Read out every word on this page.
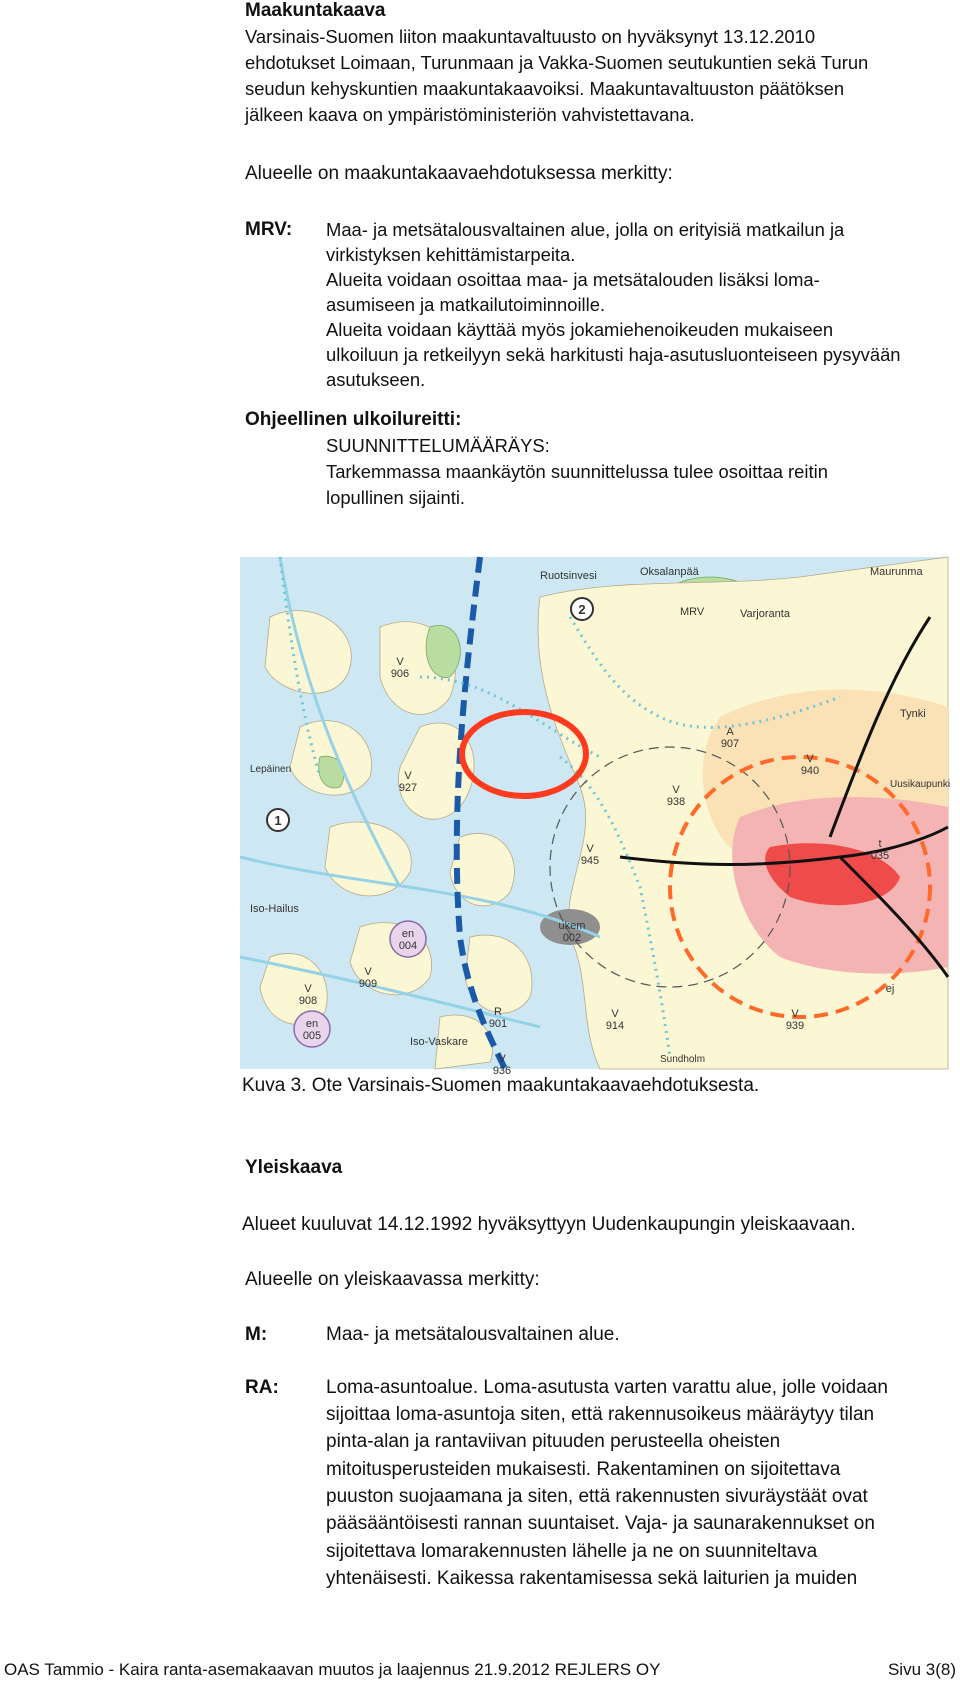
Maakuntakaava
Varsinais-Suomen liiton maakuntavaltuusto on hyväksynyt 13.12.2010
ehdotukset Loimaan, Turunmaan ja Vakka-Suomen seutukuntien sekä Turun
seudun kehyskuntien maakuntakaavoiksi. Maakuntavaltuuston päätöksen
jälkeen kaava on ympäristöministeriön vahvistettavana.
Alueelle on maakuntakaavaehdotuksessa merkitty:
MRV: Maa- ja metsätalousvaltainen alue, jolla on erityisiä matkailun ja
virkistyksen kehittämistarpeita.
Alueita voidaan osoittaa maa- ja metsätalouden lisäksi loma-
asumiseen ja matkailutoiminnoille.
Alueita voidaan käyttää myös jokamiehenoikeuden mukaiseen
ulkoiluun ja retkeilyyn sekä harkitusti haja-asutusluonteiseen pysyvään
asutukseen.
Ohjeellinen ulkoilureitti:
SUUNNITTELUMÄÄRÄYS:
Tarkemmassa maankäytön suunnittelussa tulee osoittaa reitin
lopullinen sijainti.
1
2
Ruotsinvesi	Oksalanpää	Maurunma
Varjoranta
MRV
Tynki
Uusikaupunki
Iso-Hailus
Iso-Vaskare
Lepäinen
Sundholm
V 906
V 927
V 945
V 938
V 940
V 909
V 908
V 914
V 939
V 936
A 907
ej
t 035
en 004
en 005
ukem 002
R 901
Kuva 3. Ote Varsinais-Suomen maakuntakaavaehdotuksesta.
Yleiskaava
Alueet kuuluvat 14.12.1992 hyväksyttyyn Uudenkaupungin yleiskaavaan.
Alueelle on yleiskaavassa merkitty:
M:	Maa- ja metsätalousvaltainen alue.
RA: Loma-asuntoalue. Loma-asutusta varten varattu alue, jolle voidaan
sijoittaa loma-asuntoja siten, että rakennusoikeus määräytyy tilan
pinta-alan ja rantaviivan pituuden perusteella oheisten
mitoitusperusteiden mukaisesti. Rakentaminen on sijoitettava
puuston suojaamana ja siten, että rakennusten sivuräystäät ovat
pääsääntöisesti rannan suuntaiset. Vaja- ja saunarakennukset on
sijoitettava lomarakennusten lähelle ja ne on suunniteltava
yhtenäisesti. Kaikessa rakentamisessa sekä laiturien ja muiden
OAS Tammio - Kaira ranta-asemakaavan muutos ja laajennus 21.9.2012 REJLERS OY	Sivu 3(8)
